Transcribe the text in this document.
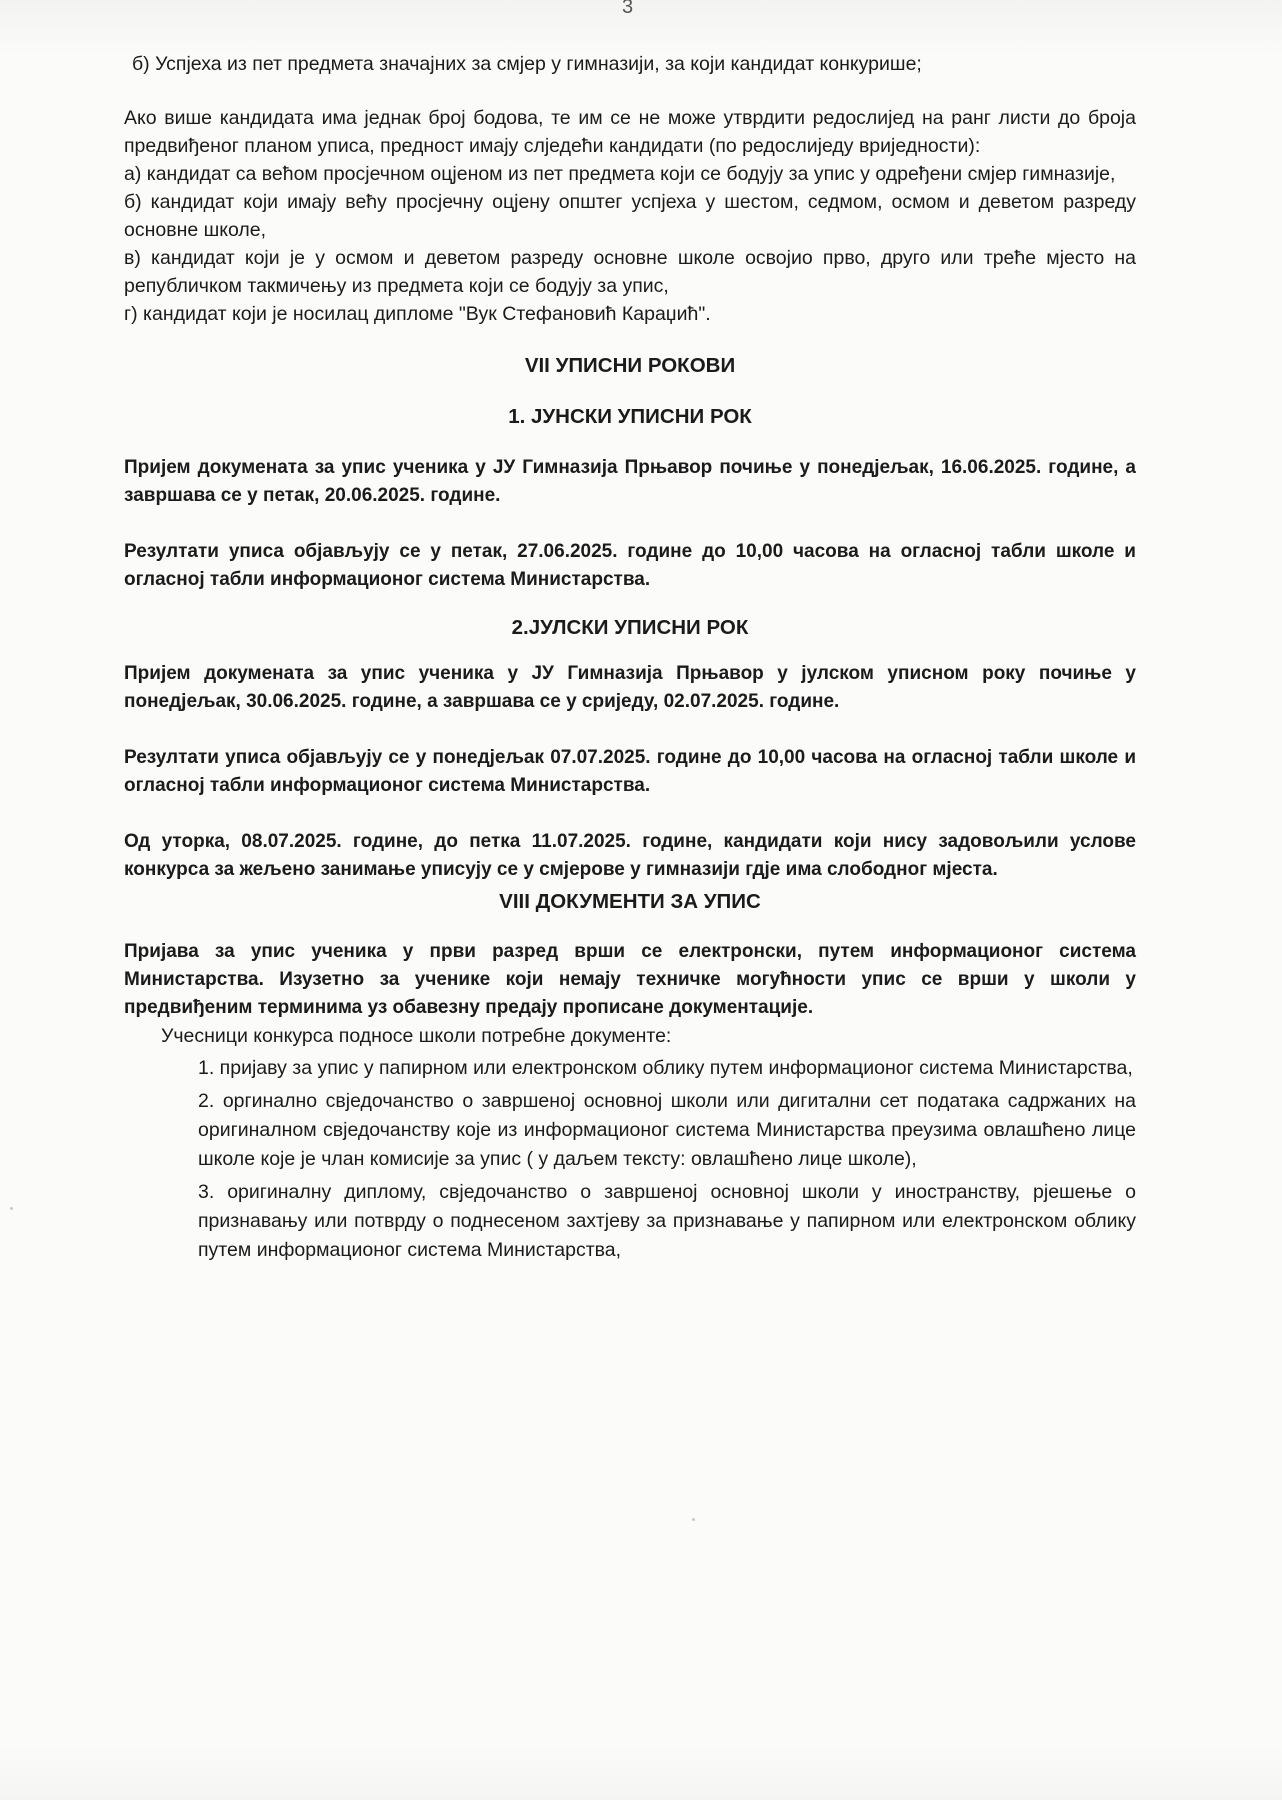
3

б) Успјеха из пет предмета значајних за смјер у гимназији, за који кандидат конкурише;

Ако више кандидата има једнак број бодова, те им се не може утврдити редослијед на ранг листи до броја предвиђеног планом уписа, предност имају слједећи кандидати (по редослиједу вриједности):

а) кандидат са већом просјечном оцјеном из пет предмета који се бодују за упис у одређени смјер гимназије,

б) кандидат који имају већу просјечну оцјену општег успјеха у шестом, седмом, осмом и деветом разреду основне школе,

в) кандидат који је у осмом и деветом разреду основне школе освојио прво, друго или треће мјесто на републичком такмичењу из предмета који се бодују за упис,

г) кандидат који је носилац дипломе "Вук Стефановић Караџић".

VII УПИСНИ РОКОВИ
1. ЈУНСКИ УПИСНИ РОК

Пријем докумената за упис ученика у ЈУ Гимназија Прњавор почиње у понедјељак, 16.06.2025. године, а завршава се у петак, 20.06.2025. године.

Резултати уписа објављују се у петак, 27.06.2025. године до 10,00 часова на огласној табли школе и огласној табли информационог система Министарства.

2.ЈУЛСКИ УПИСНИ РОК

Пријем докумената за упис ученика у ЈУ Гимназија Прњавор у јулском уписном року почиње у понедјељак, 30.06.2025. године, а завршава се у сриједу, 02.07.2025. године.

Резултати уписа објављују се у понедјељак 07.07.2025. године до 10,00 часова на огласној табли школе и огласној табли информационог система Министарства.

Од уторка, 08.07.2025. године, до петка 11.07.2025. године, кандидати који нису задовољили услове конкурса за жељено занимање уписују се у смјерове у гимназији гдје има слободног мјеста.

VIII ДОКУМЕНТИ ЗА УПИС

Пријава за упис ученика у први разред врши се електронски, путем информационог система Министарства. Изузетно за ученике који немају техничке могућности упис се врши у школи у предвиђеним терминима уз обавезну предају прописане документације.

Учесници конкурса подносе школи потребне документе:

1. пријаву за упис у папирном или електронском облику путем информационог система Министарства,
2. оргинално свједочанство о завршеној основној школи или дигитални сет података садржаних на оригиналном свједочанству које из информационог система Министарства преузима овлашћено лице школе које је члан комисије за упис ( у даљем тексту: овлашћено лице школе),
3. оригиналну диплому, свједочанство о завршеној основној школи у иностранству, рјешење о признавању или потврду о поднесеном захтјеву за признавање у папирном или електронском облику путем информационог система Министарства,
